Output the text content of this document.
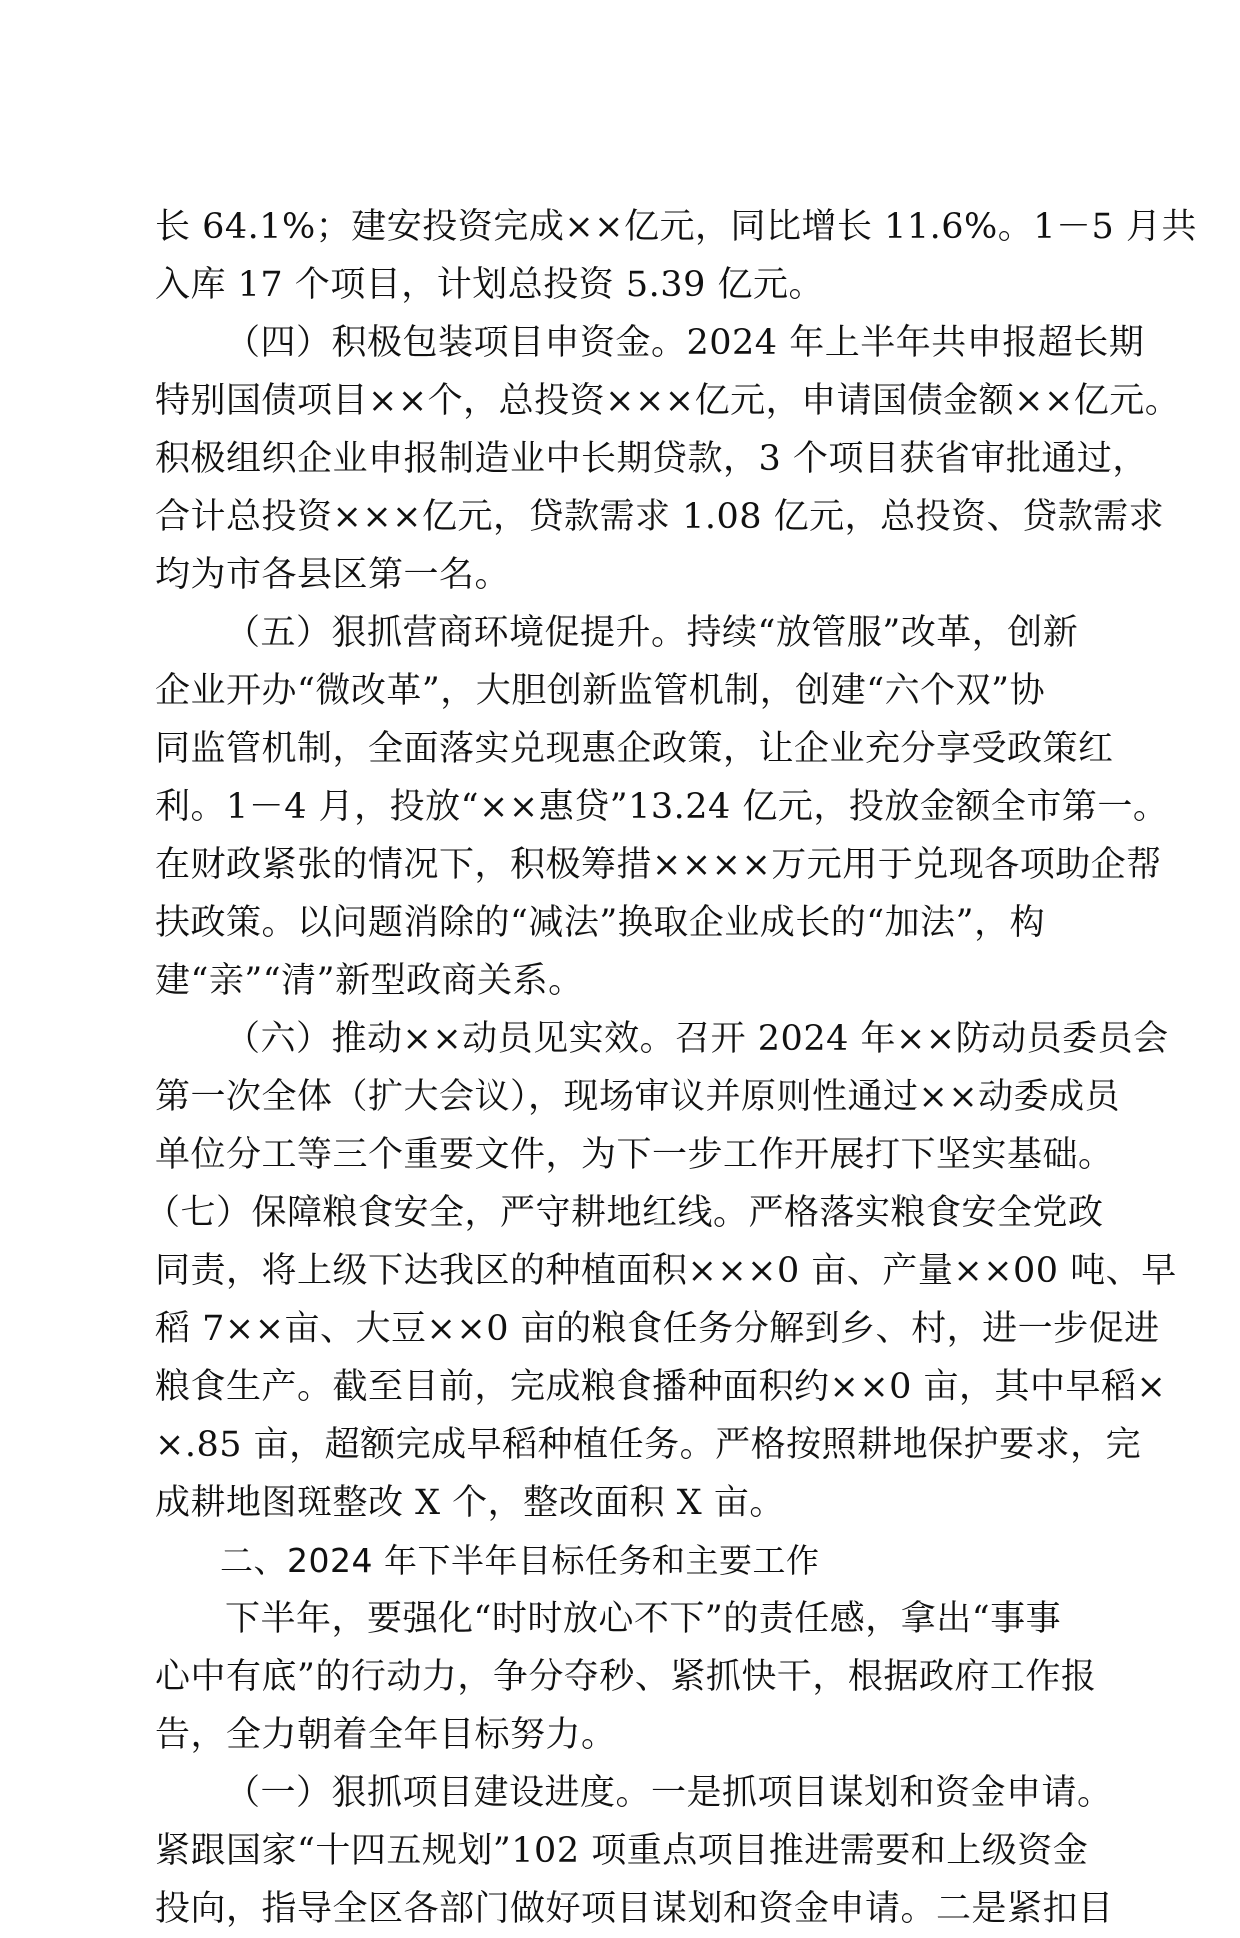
长 64.1%；建安投资完成××亿元，同比增长 11.6%。1－5 月共
入库 17 个项目，计划总投资 5.39 亿元。
（四）积极包装项目申资金。2024 年上半年共申报超长期
特别国债项目××个，总投资×××亿元，申请国债金额××亿元。
积极组织企业申报制造业中长期贷款，3 个项目获省审批通过，
合计总投资×××亿元，贷款需求 1.08 亿元，总投资、贷款需求
均为市各县区第一名。
（五）狠抓营商环境促提升。持续“放管服”改革，创新
企业开办“微改革”，大胆创新监管机制，创建“六个双”协
同监管机制，全面落实兑现惠企政策，让企业充分享受政策红
利。1－4 月，投放“××惠贷”13.24 亿元，投放金额全市第一。
在财政紧张的情况下，积极筹措××××万元用于兑现各项助企帮
扶政策。以问题消除的“减法”换取企业成长的“加法”，构
建“亲”“清”新型政商关系。
（六）推动××动员见实效。召开 2024 年××防动员委员会
第一次全体（扩大会议），现场审议并原则性通过××动委成员
单位分工等三个重要文件，为下一步工作开展打下坚实基础。
（七）保障粮食安全，严守耕地红线。严格落实粮食安全党政
同责，将上级下达我区的种植面积×××0 亩、产量××00 吨、早
稻 7××亩、大豆××0 亩的粮食任务分解到乡、村，进一步促进
粮食生产。截至目前，完成粮食播种面积约××0 亩，其中早稻×
×.85 亩，超额完成早稻种植任务。严格按照耕地保护要求，完
成耕地图斑整改 X 个，整改面积 X 亩。
二、2024 年下半年目标任务和主要工作
下半年，要强化“时时放心不下”的责任感，拿出“事事
心中有底”的行动力，争分夺秒、紧抓快干，根据政府工作报
告，全力朝着全年目标努力。
（一）狠抓项目建设进度。一是抓项目谋划和资金申请。
紧跟国家“十四五规划”102 项重点项目推进需要和上级资金
投向，指导全区各部门做好项目谋划和资金申请。二是紧扣目
